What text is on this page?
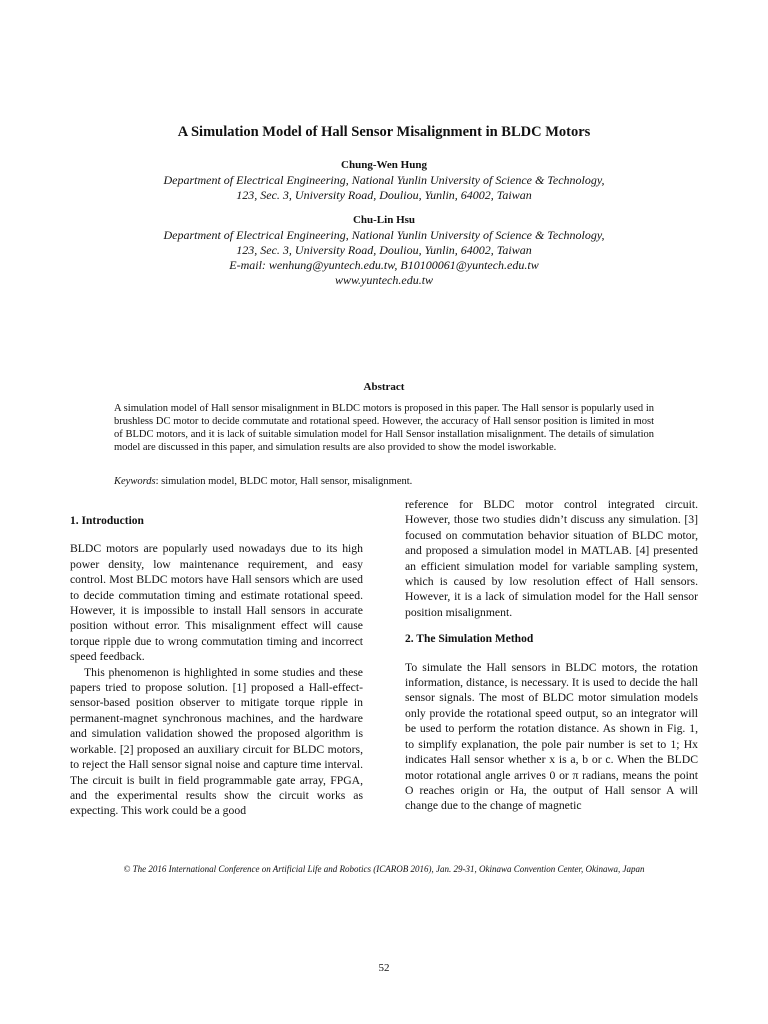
A Simulation Model of Hall Sensor Misalignment in BLDC Motors
Chung-Wen Hung
Department of Electrical Engineering, National Yunlin University of Science & Technology,
123, Sec. 3, University Road, Douliou, Yunlin, 64002, Taiwan
Chu-Lin Hsu
Department of Electrical Engineering, National Yunlin University of Science & Technology,
123, Sec. 3, University Road, Douliou, Yunlin, 64002, Taiwan
E-mail: wenhung@yuntech.edu.tw, B10100061@yuntech.edu.tw
www.yuntech.edu.tw
Abstract
A simulation model of Hall sensor misalignment in BLDC motors is proposed in this paper. The Hall sensor is popularly used in brushless DC motor to decide commutate and rotational speed. However, the accuracy of Hall sensor position is limited in most of BLDC motors, and it is lack of suitable simulation model for Hall Sensor installation misalignment. The details of simulation model are discussed in this paper, and simulation results are also provided to show the model isworkable.
Keywords: simulation model, BLDC motor, Hall sensor, misalignment.
1. Introduction

BLDC motors are popularly used nowadays due to its high power density, low maintenance requirement, and easy control. Most BLDC motors have Hall sensors which are used to decide commutation timing and estimate rotational speed. However, it is impossible to install Hall sensors in accurate position without error. This misalignment effect will cause torque ripple due to wrong commutation timing and incorrect speed feedback.

This phenomenon is highlighted in some studies and these papers tried to propose solution. [1] proposed a Hall-effect-sensor-based position observer to mitigate torque ripple in permanent-magnet synchronous machines, and the hardware and simulation validation showed the proposed algorithm is workable. [2] proposed an auxiliary circuit for BLDC motors, to reject the Hall sensor signal noise and capture time interval. The circuit is built in field programmable gate array, FPGA, and the experimental results show the circuit works as expecting. This work could be a good

reference for BLDC motor control integrated circuit. However, those two studies didn’t discuss any simulation. [3] focused on commutation behavior situation of BLDC motor, and proposed a simulation model in MATLAB. [4] presented an efficient simulation model for variable sampling system, which is caused by low resolution effect of Hall sensors. However, it is a lack of simulation model for the Hall sensor position misalignment.

2. The Simulation Method

To simulate the Hall sensors in BLDC motors, the rotation information, distance, is necessary. It is used to decide the hall sensor signals. The most of BLDC motor simulation models only provide the rotational speed output, so an integrator will be used to perform the rotation distance. As shown in Fig. 1, to simplify explanation, the pole pair number is set to 1; Hx indicates Hall sensor whether x is a, b or c. When the BLDC motor rotational angle arrives 0 or π radians, means the point O reaches origin or Ha, the output of Hall sensor A will change due to the change of magnetic

© The 2016 International Conference on Artificial Life and Robotics (ICAROB 2016), Jan. 29-31, Okinawa Convention Center, Okinawa, Japan
52
